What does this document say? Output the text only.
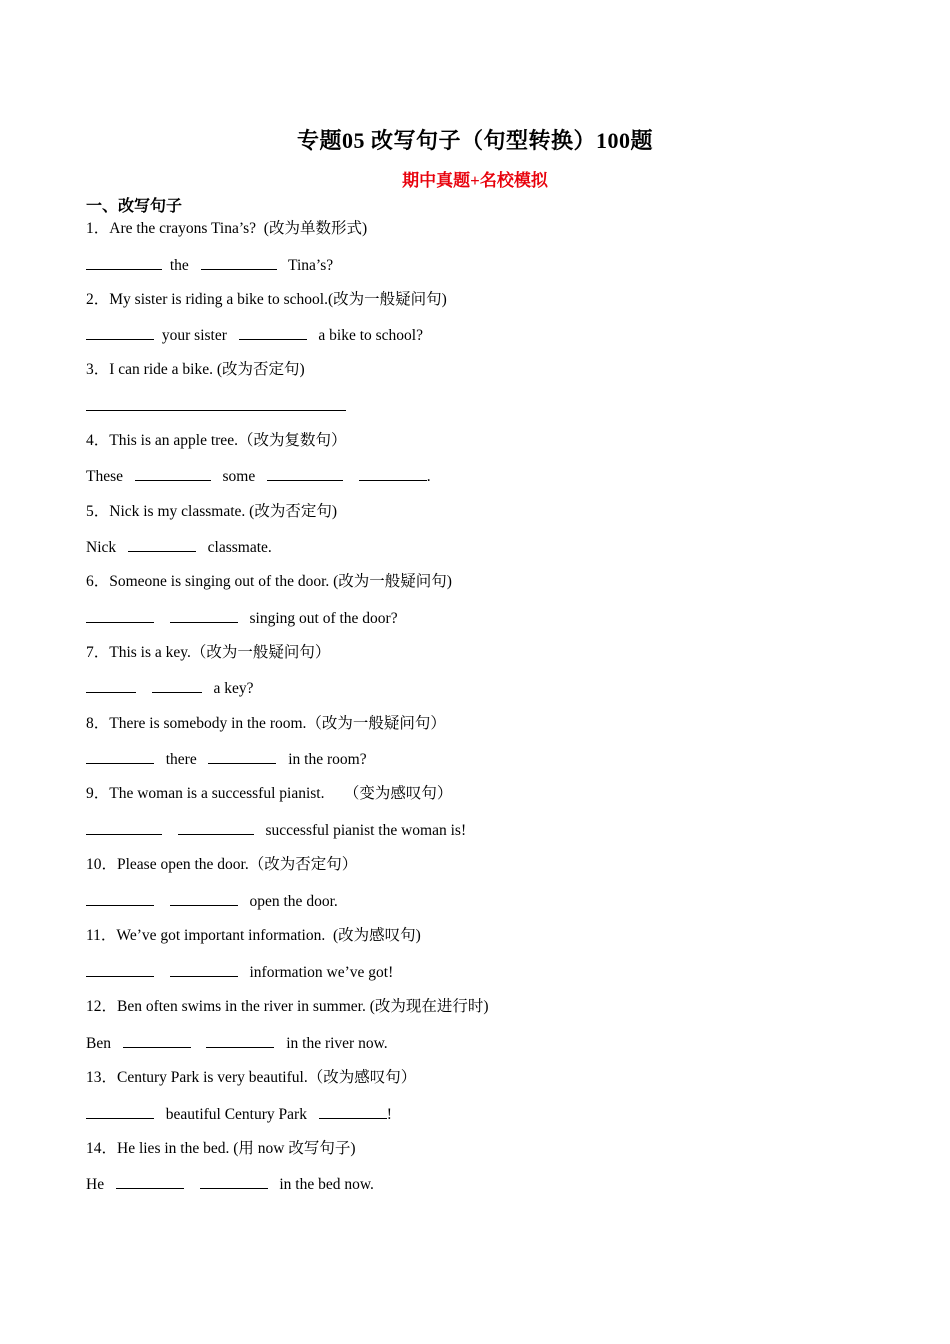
专题05 改写句子（句型转换）100题
期中真题+名校模拟
一、改写句子
1．Are the crayons Tina’s?  (改为单数形式)
the	Tina’s?
2．My sister is riding a bike to school.(改为一般疑问句)
your sister	a bike to school?
3．I can ride a bike. (改为否定句)
4．This is an apple tree.（改为复数句）
These	some	.
5．Nick is my classmate. (改为否定句)
Nick	classmate.
6．Someone is singing out of the door. (改为一般疑问句)
singing out of the door?
7．This is a key.（改为一般疑问句）
a key?
8．There is somebody in the room.（改为一般疑问句）
there	in the room?
9．The woman is a successful pianist.     （变为感叹句）
successful pianist the woman is!
10．Please open the door.（改为否定句）
open the door.
11．We’ve got important information.  (改为感叹句)
information we’ve got!
12．Ben often swims in the river in summer. (改为现在进行时)
Ben	in the river now.
13．Century Park is very beautiful.（改为感叹句）
beautiful Century Park	!
14．He lies in the bed. (用 now 改写句子)
He	in the bed now.
